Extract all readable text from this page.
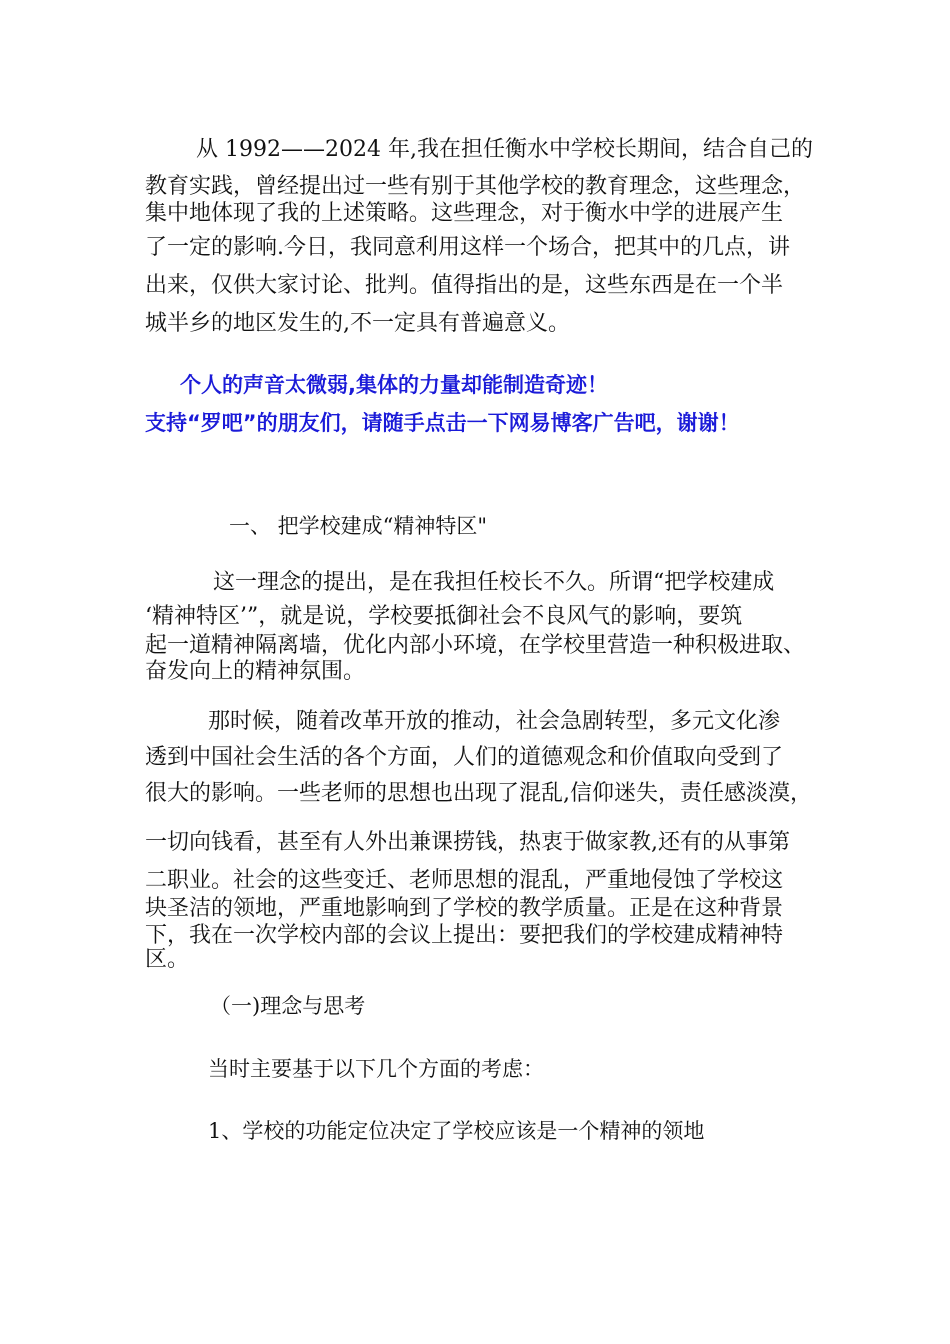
从 1992——2024 年,我在担任衡水中学校长期间，结合自己的

教育实践，曾经提出过一些有别于其他学校的教育理念，这些理念，

集中地体现了我的上述策略。这些理念，对于衡水中学的进展产生

了一定的影响.今日，我同意利用这样一个场合，把其中的几点，讲

出来，仅供大家讨论、批判。值得指出的是，这些东西是在一个半

城半乡的地区发生的,不一定具有普遍意义。

个人的声音太微弱,集体的力量却能制造奇迹！

支持“罗吧”的朋友们，请随手点击一下网易博客广告吧，谢谢！

一、 把学校建成“精神特区"

这一理念的提出，是在我担任校长不久。所谓“把学校建成

‘精神特区’”，就是说，学校要抵御社会不良风气的影响，要筑

起一道精神隔离墙，优化内部小环境，在学校里营造一种积极进取、

奋发向上的精神氛围。

那时候，随着改革开放的推动，社会急剧转型，多元文化渗

透到中国社会生活的各个方面，人们的道德观念和价值取向受到了

很大的影响。一些老师的思想也出现了混乱,信仰迷失，责任感淡漠，

一切向钱看，甚至有人外出兼课捞钱，热衷于做家教,还有的从事第

二职业。社会的这些变迁、老师思想的混乱，严重地侵蚀了学校这

块圣洁的领地，严重地影响到了学校的教学质量。正是在这种背景

下，我在一次学校内部的会议上提出：要把我们的学校建成精神特

区。

（一)理念与思考

当时主要基于以下几个方面的考虑：

1、学校的功能定位决定了学校应该是一个精神的领地
